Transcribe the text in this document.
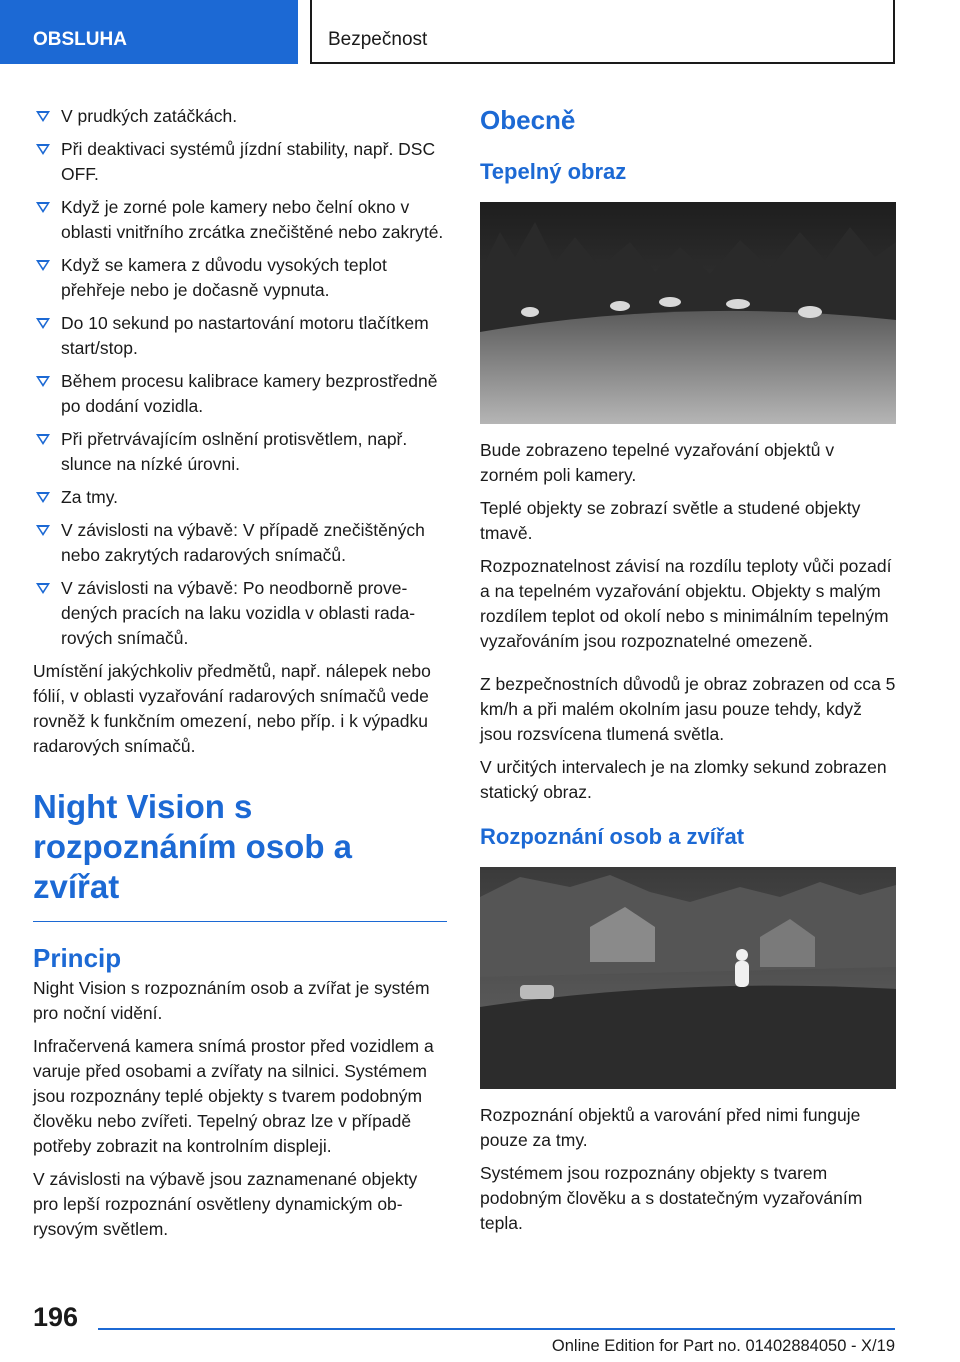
OBSLUHA	Bezpečnost
V prudkých zatáčkách.
Při deaktivaci systémů jízdní stability, např. DSC OFF.
Když je zorné pole kamery nebo čelní okno v oblasti vnitřního zrcátka znečištěné nebo zakryté.
Když se kamera z důvodu vysokých teplot přehřeje nebo je dočasně vypnuta.
Do 10 sekund po nastartování motoru tlačítkem start/stop.
Během procesu kalibrace kamery bezprostředně po dodání vozidla.
Při přetrvávajícím oslnění protisvětlem, např. slunce na nízké úrovni.
Za tmy.
V závislosti na výbavě: V případě znečištěných nebo zakrytých radarových snímačů.
V závislosti na výbavě: Po neodborně provedených pracích na laku vozidla v oblasti radarových snímačů.

Umístění jakýchkoliv předmětů, např. nálepek nebo fólií, v oblasti vyzařování radarových snímačů vede rovněž k funkčním omezení, nebo příp. i k výpadku radarových snímačů.

Night Vision s rozpoznáním osob a zvířat
Princip

Night Vision s rozpoznáním osob a zvířat je systém pro noční vidění.

Infračervená kamera snímá prostor před vozidlem a varuje před osobami a zvířaty na silnici. Systémem jsou rozpoznány teplé objekty s tvarem podobným člověku nebo zvířeti. Tepelný obraz lze v případě potřeby zobrazit na kontrolním displeji.

V závislosti na výbavě jsou zaznamenané objekty pro lepší rozpoznání osvětleny dynamickým obrysovým světlem.

Obecně
Tepelný obraz

Bude zobrazeno tepelné vyzařování objektů v zorném poli kamery.

Teplé objekty se zobrazí světle a studené objekty tmavě.

Rozpoznatelnost závisí na rozdílu teploty vůči pozadí a na tepelném vyzařování objektu. Objekty s malým rozdílem teplot od okolí nebo s minimálním tepelným vyzařováním jsou rozpoznatelné omezeně.

Z bezpečnostních důvodů je obraz zobrazen od cca 5 km/h a při malém okolním jasu pouze tehdy, když jsou rozsvícena tlumená světla.

V určitých intervalech je na zlomky sekund zobrazen statický obraz.

Rozpoznání osob a zvířat

Rozpoznání objektů a varování před nimi funguje pouze za tmy.

Systémem jsou rozpoznány objekty s tvarem podobným člověku a s dostatečným vyzařováním tepla.

196
Online Edition for Part no. 01402884050 - X/19
